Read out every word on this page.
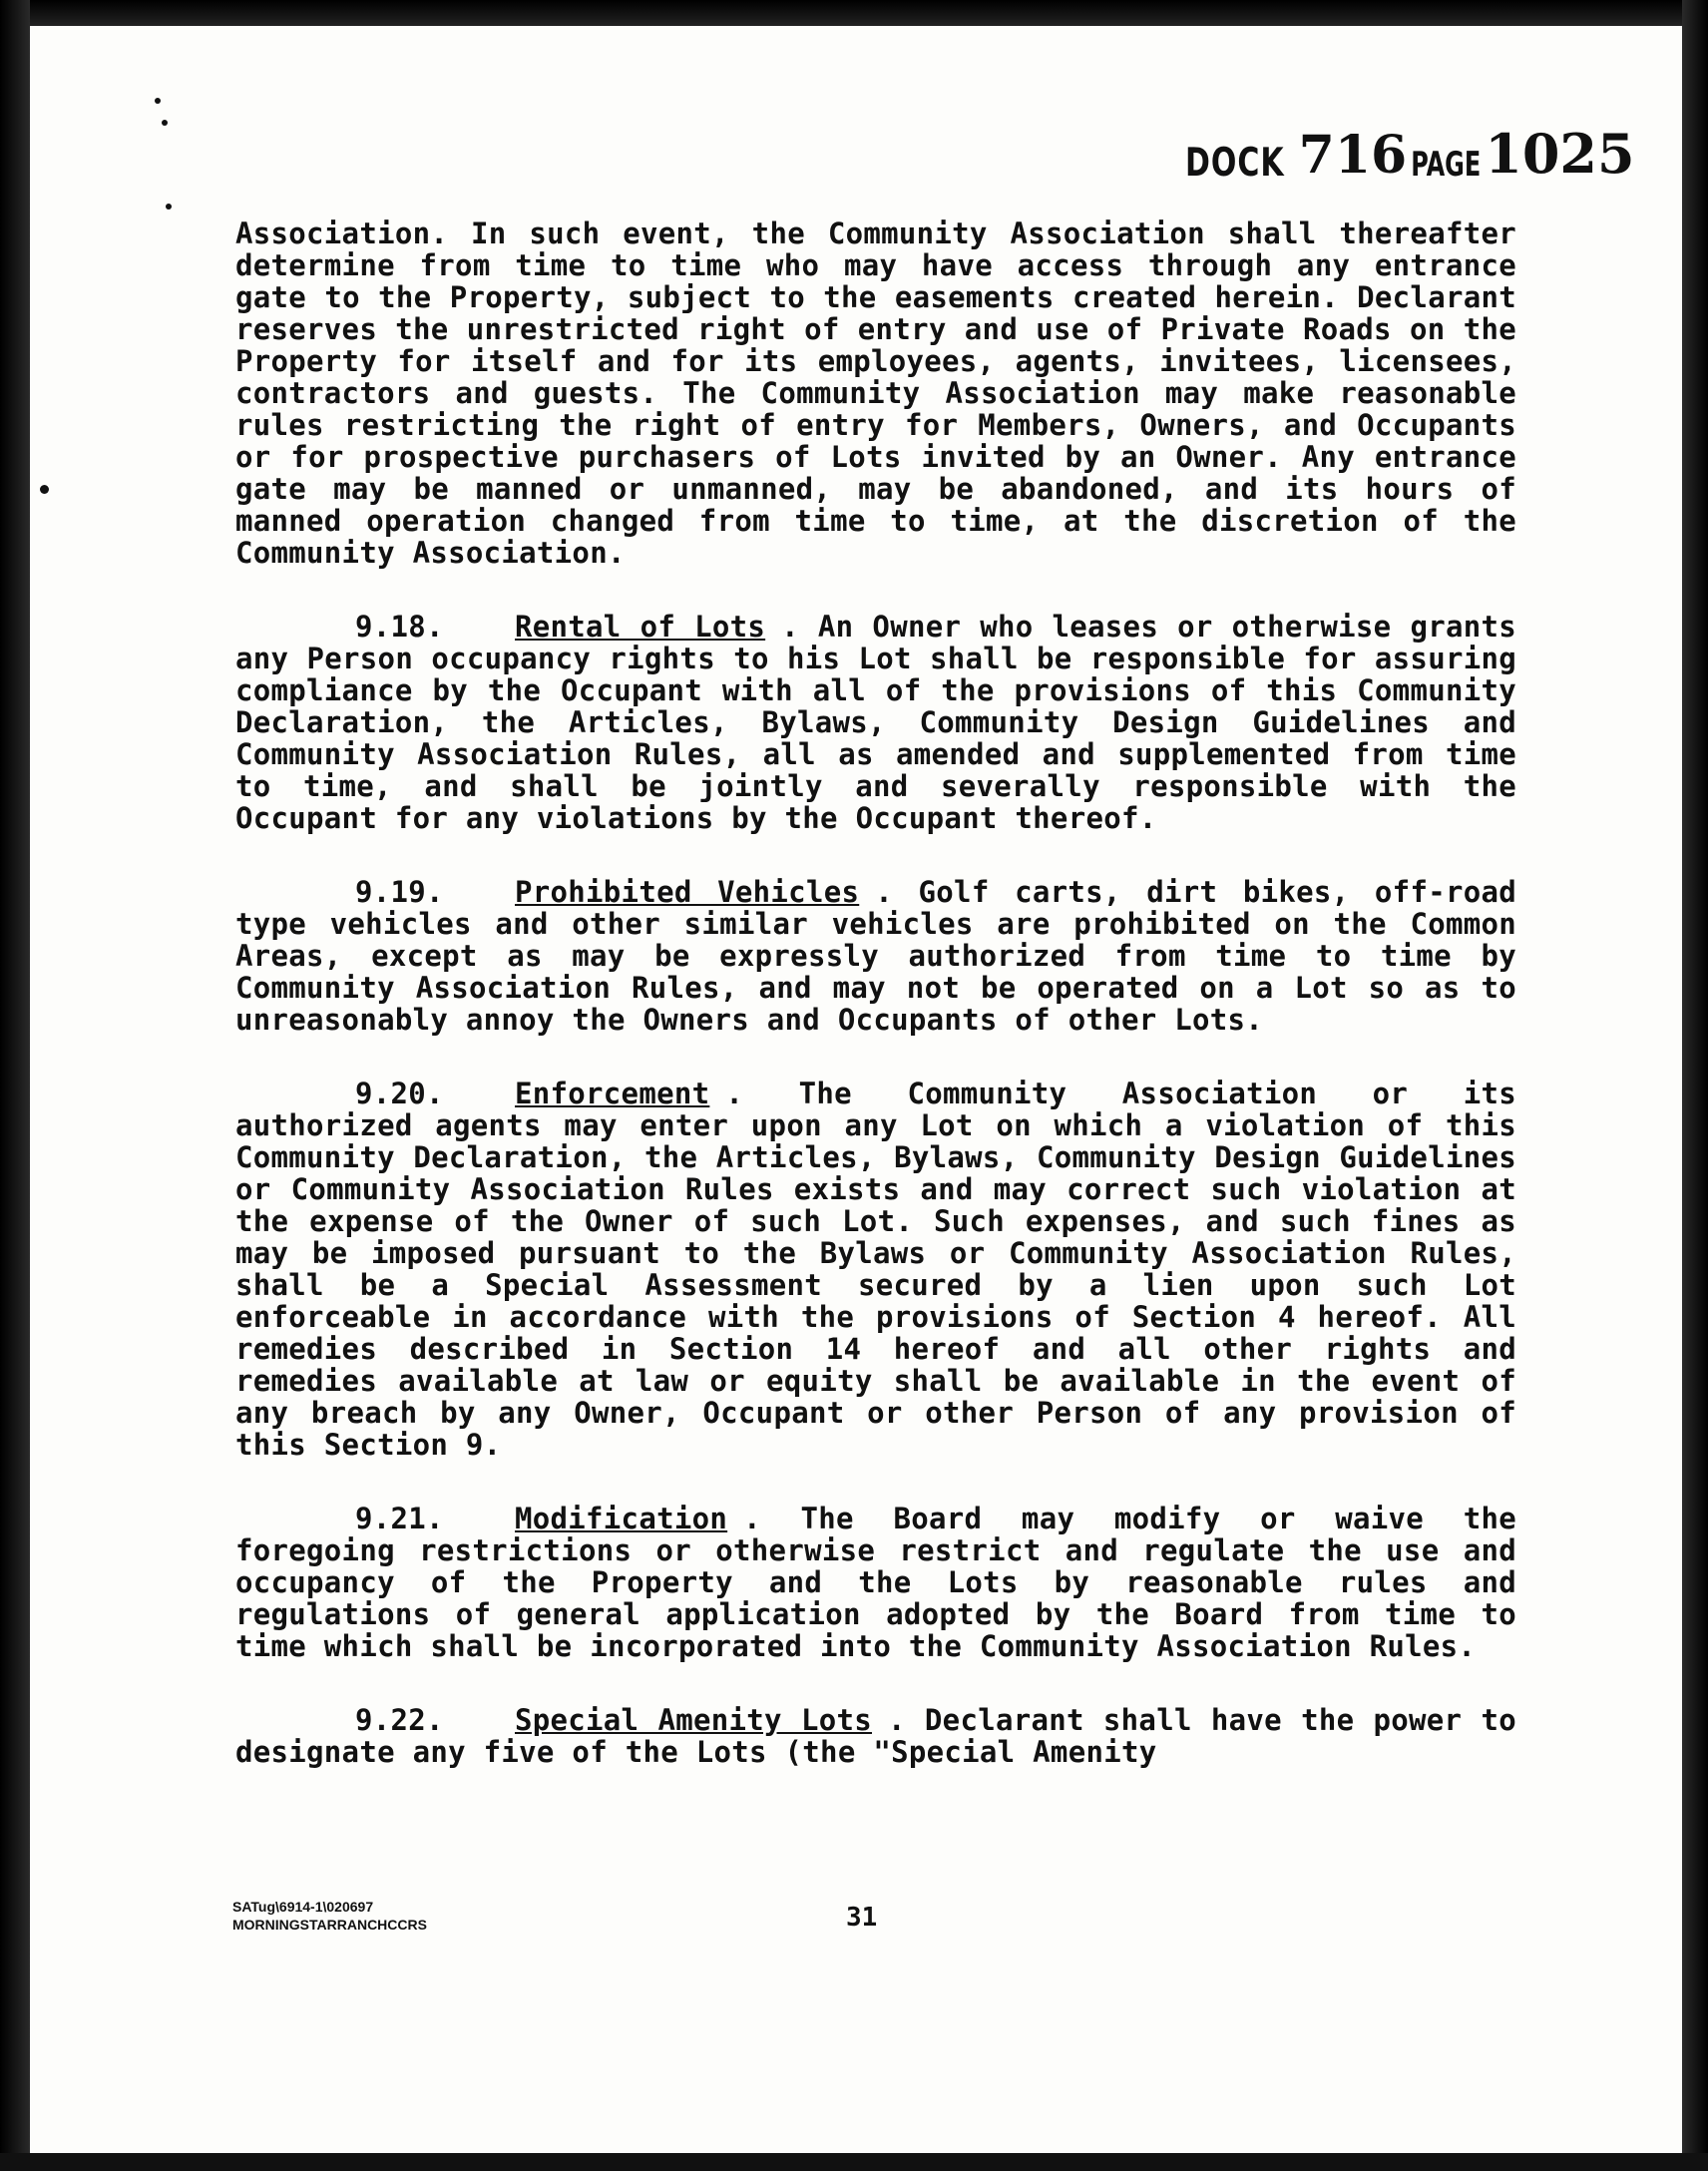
DOCK 716 PAGE 1025

Association. In such event, the Community Association shall thereafter determine from time to time who may have access through any entrance gate to the Property, subject to the easements created herein. Declarant reserves the unrestricted right of entry and use of Private Roads on the Property for itself and for its employees, agents, invitees, licensees, contractors and guests. The Community Association may make reasonable rules restricting the right of entry for Members, Owners, and Occupants or for prospective purchasers of Lots invited by an Owner. Any entrance gate may be manned or unmanned, may be abandoned, and its hours of manned operation changed from time to time, at the discretion of the Community Association.

9.18. Rental of Lots . An Owner who leases or otherwise grants any Person occupancy rights to his Lot shall be responsible for assuring compliance by the Occupant with all of the provisions of this Community Declaration, the Articles, Bylaws, Community Design Guidelines and Community Association Rules, all as amended and supplemented from time to time, and shall be jointly and severally responsible with the Occupant for any violations by the Occupant thereof.

9.19. Prohibited Vehicles . Golf carts, dirt bikes, off-road type vehicles and other similar vehicles are prohibited on the Common Areas, except as may be expressly authorized from time to time by Community Association Rules, and may not be operated on a Lot so as to unreasonably annoy the Owners and Occupants of other Lots.

9.20. Enforcement . The Community Association or its authorized agents may enter upon any Lot on which a violation of this Community Declaration, the Articles, Bylaws, Community Design Guidelines or Community Association Rules exists and may correct such violation at the expense of the Owner of such Lot. Such expenses, and such fines as may be imposed pursuant to the Bylaws or Community Association Rules, shall be a Special Assessment secured by a lien upon such Lot enforceable in accordance with the provisions of Section 4 hereof. All remedies described in Section 14 hereof and all other rights and remedies available at law or equity shall be available in the event of any breach by any Owner, Occupant or other Person of any provision of this Section 9.

9.21. Modification . The Board may modify or waive the foregoing restrictions or otherwise restrict and regulate the use and occupancy of the Property and the Lots by reasonable rules and regulations of general application adopted by the Board from time to time which shall be incorporated into the Community Association Rules.

9.22. Special Amenity Lots . Declarant shall have the power to designate any five of the Lots (the "Special Amenity

SATug\6914-1\020697
MORNINGSTARRANCHCCRS	31
